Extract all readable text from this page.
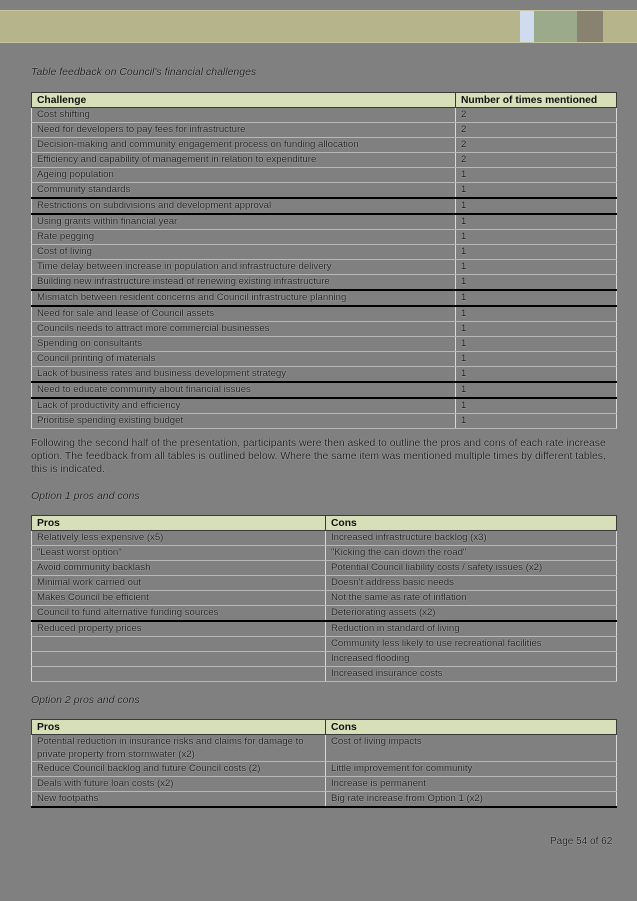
Table feedback on Council's financial challenges
Challenge	Number of times mentioned
Cost shifting	2
Need for developers to pay fees for infrastructure	2
Decision-making and community engagement process on funding allocation	2
Efficiency and capability of management in relation to expenditure	2
Ageing population	1
Community standards	1
Restrictions on subdivisions and development approval	1
Using grants within financial year	1
Rate pegging	1
Cost of living	1
Time delay between increase in population and infrastructure delivery	1
Building new infrastructure instead of renewing existing infrastructure	1
Mismatch between resident concerns and Council infrastructure planning	1
Need for sale and lease of Council assets	1
Councils needs to attract more commercial businesses	1
Spending on consultants	1
Council printing of materials	1
Lack of business rates and business development strategy	1
Need to educate community about financial issues	1
Lack of productivity and efficiency	1
Prioritise spending existing budget	1
Following the second half of the presentation, participants were then asked to outline the pros and cons of each rate increase option. The feedback from all tables is outlined below. Where the same item was mentioned multiple times by different tables, this is indicated.
Option 1 pros and cons
Pros	Cons
Relatively less expensive (x5)	Increased infrastructure backlog (x3)
"Least worst option"	"Kicking the can down the road"
Avoid community backlash	Potential Council liability costs / safety issues (x2)
Minimal work carried out	Doesn't address basic needs
Makes Council be efficient	Not the same as rate of inflation
Council to fund alternative funding sources	Deteriorating assets (x2)
Reduced property prices	Reduction in standard of living
	Community less likely to use recreational facilities
	Increased flooding
	Increased insurance costs
Option 2 pros and cons
Pros	Cons
Potential reduction in insurance risks and claims for damage to private property from stormwater (x2)	Cost of living impacts
Reduce Council backlog and future Council costs (2)	Little improvement for community
Deals with future loan costs (x2)	Increase is permanent
New footpaths	Big rate increase from Option 1 (x2)
Page 54 of 62
